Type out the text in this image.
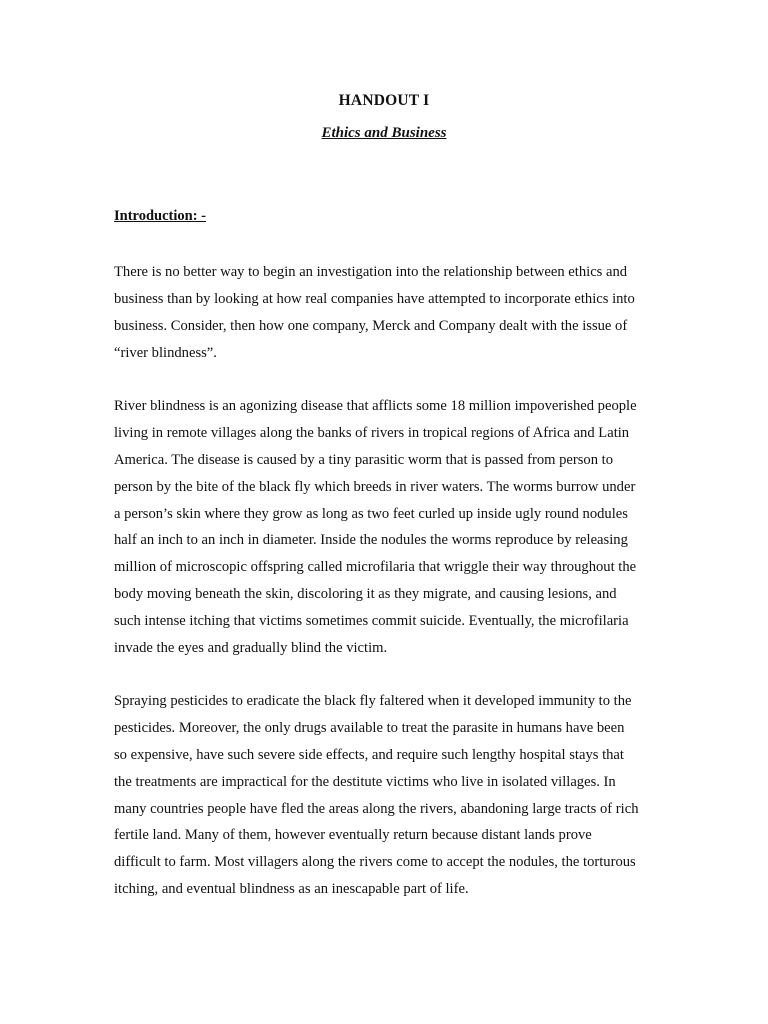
HANDOUT I
Ethics and Business
Introduction: -

There is no better way to begin an investigation into the relationship between ethics and

business than by looking at how real companies have attempted to incorporate ethics into

business. Consider, then how one company, Merck and Company dealt with the issue of

“river blindness”.

River blindness is an agonizing disease that afflicts some 18 million impoverished people

living in remote villages along the banks of rivers in tropical regions of Africa and Latin

America. The disease is caused by a tiny parasitic worm that is passed from person to

person by the bite of the black fly which breeds in river waters. The worms burrow under

a person’s skin where they grow as long as two feet curled up inside ugly round nodules

half an inch to an inch in diameter. Inside the nodules the worms reproduce by releasing

million of microscopic offspring called microfilaria that wriggle their way throughout the

body moving beneath the skin, discoloring it as they migrate, and causing lesions, and

such intense itching that victims sometimes commit suicide. Eventually, the microfilaria

invade the eyes and gradually blind the victim.

Spraying pesticides to eradicate the black fly faltered when it developed immunity to the

pesticides. Moreover, the only drugs available to treat the parasite in humans have been

so expensive, have such severe side effects, and require such lengthy hospital stays that

the treatments are impractical for the destitute victims who live in isolated villages. In

many countries people have fled the areas along the rivers, abandoning large tracts of rich

fertile land. Many of them, however eventually return because distant lands prove

difficult to farm. Most villagers along the rivers come to accept the nodules, the torturous

itching, and eventual blindness as an inescapable part of life.
